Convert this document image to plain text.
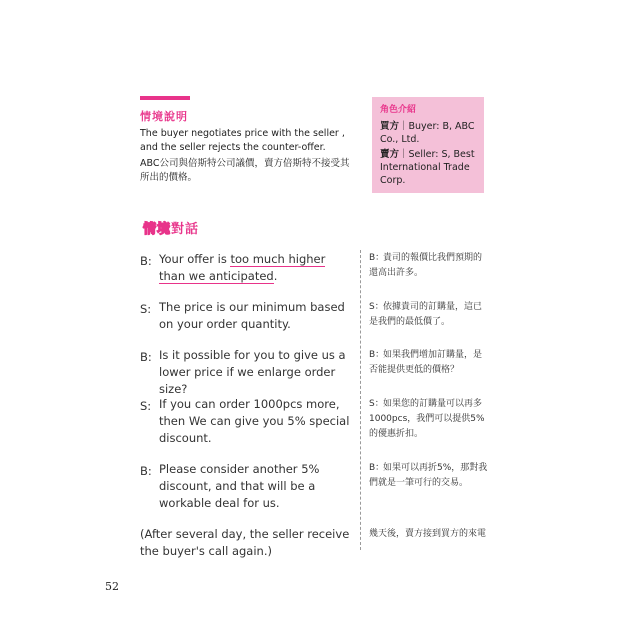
情境說明
The buyer negotiates price with the seller , and the seller rejects the counter-offer.
ABC公司與倍斯特公司議價，賣方倍斯特不接受其所出的價格。
角色介紹
買方｜Buyer: B, ABC Co., Ltd.
賣方｜Seller: S, Best International Trade Corp.
情境對話
B: Your offer is too much higher than we anticipated.
B：貴司的報價比我們預期的還高出許多。
S: The price is our minimum based on your order quantity.
S：依據貴司的訂購量，這已是我們的最低價了。
B: Is it possible for you to give us a lower price if we enlarge order size?
B：如果我們增加訂購量，是否能提供更低的價格？
S: If you can order 1000pcs more, then We can give you 5% special discount.
S：如果您的訂購量可以再多1000pcs，我們可以提供5%的優惠折扣。
B: Please consider another 5% discount, and that will be a workable deal for us.
B：如果可以再折5%，那對我們就是一筆可行的交易。
(After several day, the seller receive the buyer's call again.)
幾天後，賣方接到買方的來電
52
